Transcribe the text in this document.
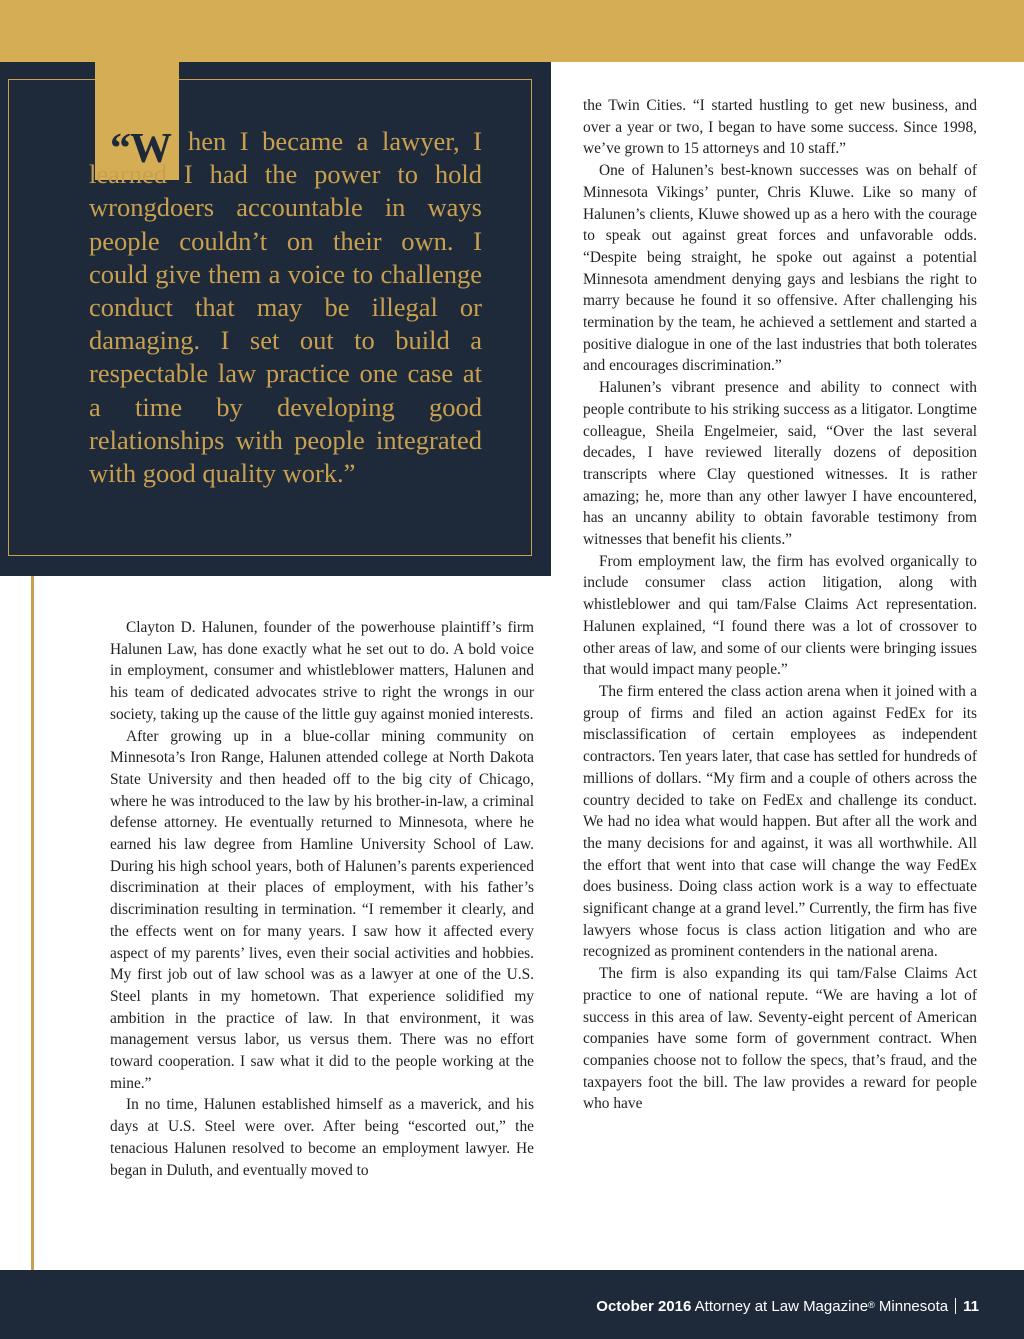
“W hen I became a lawyer, I learned I had the power to hold wrongdoers accountable in ways people couldn’t on their own. I could give them a voice to challenge conduct that may be illegal or damaging. I set out to build a respectable law practice one case at a time by developing good relationships with people integrated with good quality work.”

Clayton D. Halunen, founder of the powerhouse plaintiff’s firm Halunen Law, has done exactly what he set out to do. A bold voice in employment, consumer and whistleblower matters, Halunen and his team of dedicated advocates strive to right the wrongs in our society, taking up the cause of the little guy against monied interests.

After growing up in a blue-collar mining community on Minnesota’s Iron Range, Halunen attended college at North Dakota State University and then headed off to the big city of Chicago, where he was introduced to the law by his brother-in-law, a criminal defense attorney. He eventually returned to Minnesota, where he earned his law degree from Hamline University School of Law. During his high school years, both of Halunen’s parents experienced discrimination at their places of employment, with his father’s discrimination resulting in termination. “I remember it clearly, and the effects went on for many years. I saw how it affected every aspect of my parents’ lives, even their social activities and hobbies. My first job out of law school was as a lawyer at one of the U.S. Steel plants in my hometown. That experience solidified my ambition in the practice of law. In that environment, it was management versus labor, us versus them. There was no effort toward cooperation. I saw what it did to the people working at the mine.”

In no time, Halunen established himself as a maverick, and his days at U.S. Steel were over. After being “escorted out,” the tenacious Halunen resolved to become an employment lawyer. He began in Duluth, and eventually moved to

the Twin Cities. “I started hustling to get new business, and over a year or two, I began to have some success. Since 1998, we’ve grown to 15 attorneys and 10 staff.”

One of Halunen’s best-known successes was on behalf of Minnesota Vikings’ punter, Chris Kluwe. Like so many of Halunen’s clients, Kluwe showed up as a hero with the courage to speak out against great forces and unfavorable odds. “Despite being straight, he spoke out against a potential Minnesota amendment denying gays and lesbians the right to marry because he found it so offensive. After challenging his termination by the team, he achieved a settlement and started a positive dialogue in one of the last industries that both tolerates and encourages discrimination.”

Halunen’s vibrant presence and ability to connect with people contribute to his striking success as a litigator. Longtime colleague, Sheila Engelmeier, said, “Over the last several decades, I have reviewed literally dozens of deposition transcripts where Clay questioned witnesses. It is rather amazing; he, more than any other lawyer I have encountered, has an uncanny ability to obtain favorable testimony from witnesses that benefit his clients.”

From employment law, the firm has evolved organically to include consumer class action litigation, along with whistleblower and qui tam/False Claims Act representation. Halunen explained, “I found there was a lot of crossover to other areas of law, and some of our clients were bringing issues that would impact many people.”

The firm entered the class action arena when it joined with a group of firms and filed an action against FedEx for its misclassification of certain employees as independent contractors. Ten years later, that case has settled for hundreds of millions of dollars. “My firm and a couple of others across the country decided to take on FedEx and challenge its conduct. We had no idea what would happen. But after all the work and the many decisions for and against, it was all worthwhile. All the effort that went into that case will change the way FedEx does business. Doing class action work is a way to effectuate significant change at a grand level.” Currently, the firm has five lawyers whose focus is class action litigation and who are recognized as prominent contenders in the national arena.

The firm is also expanding its qui tam/False Claims Act practice to one of national repute. “We are having a lot of success in this area of law. Seventy-eight percent of American companies have some form of government contract. When companies choose not to follow the specs, that’s fraud, and the taxpayers foot the bill. The law provides a reward for people who have

October 2016 Attorney at Law Magazine® Minnesota 11
